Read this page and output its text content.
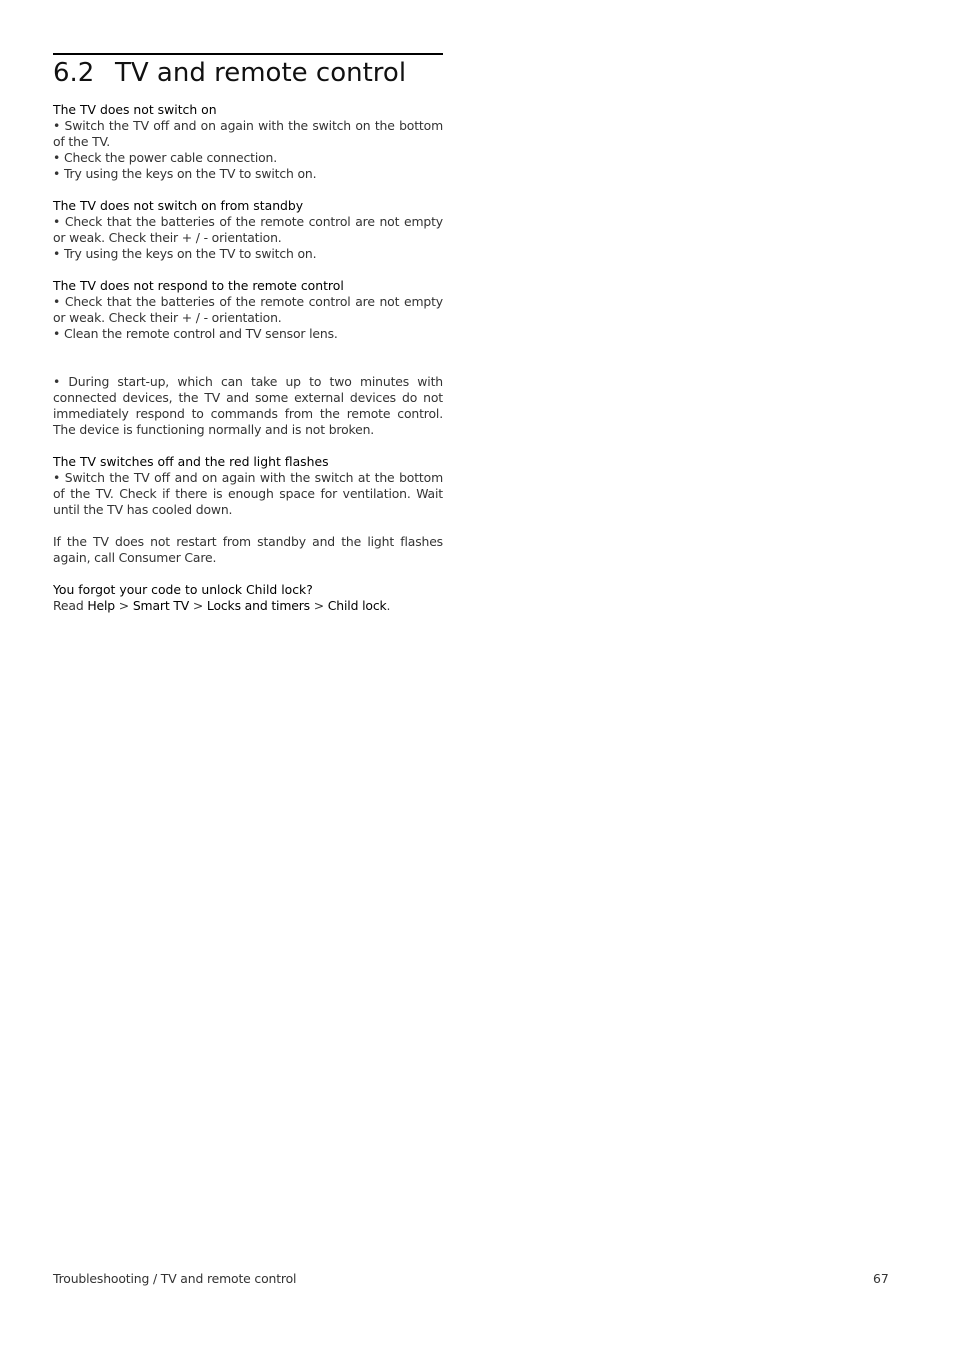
6.2 TV and remote control

The TV does not switch on

• Switch the TV off and on again with the switch on the bottom of the TV.

• Check the power cable connection.

• Try using the keys on the TV to switch on.

The TV does not switch on from standby

• Check that the batteries of the remote control are not empty or weak. Check their + / - orientation.

• Try using the keys on the TV to switch on.

The TV does not respond to the remote control

• Check that the batteries of the remote control are not empty or weak. Check their + / - orientation.

• Clean the remote control and TV sensor lens.

• During start-up, which can take up to two minutes with connected devices, the TV and some external devices do not immediately respond to commands from the remote control. The device is functioning normally and is not broken.

The TV switches off and the red light flashes

• Switch the TV off and on again with the switch at the bottom of the TV. Check if there is enough space for ventilation. Wait until the TV has cooled down.

If the TV does not restart from standby and the light flashes again, call Consumer Care.

You forgot your code to unlock Child lock?

Read Help > Smart TV > Locks and timers > Child lock.

Troubleshooting / TV and remote control	67
